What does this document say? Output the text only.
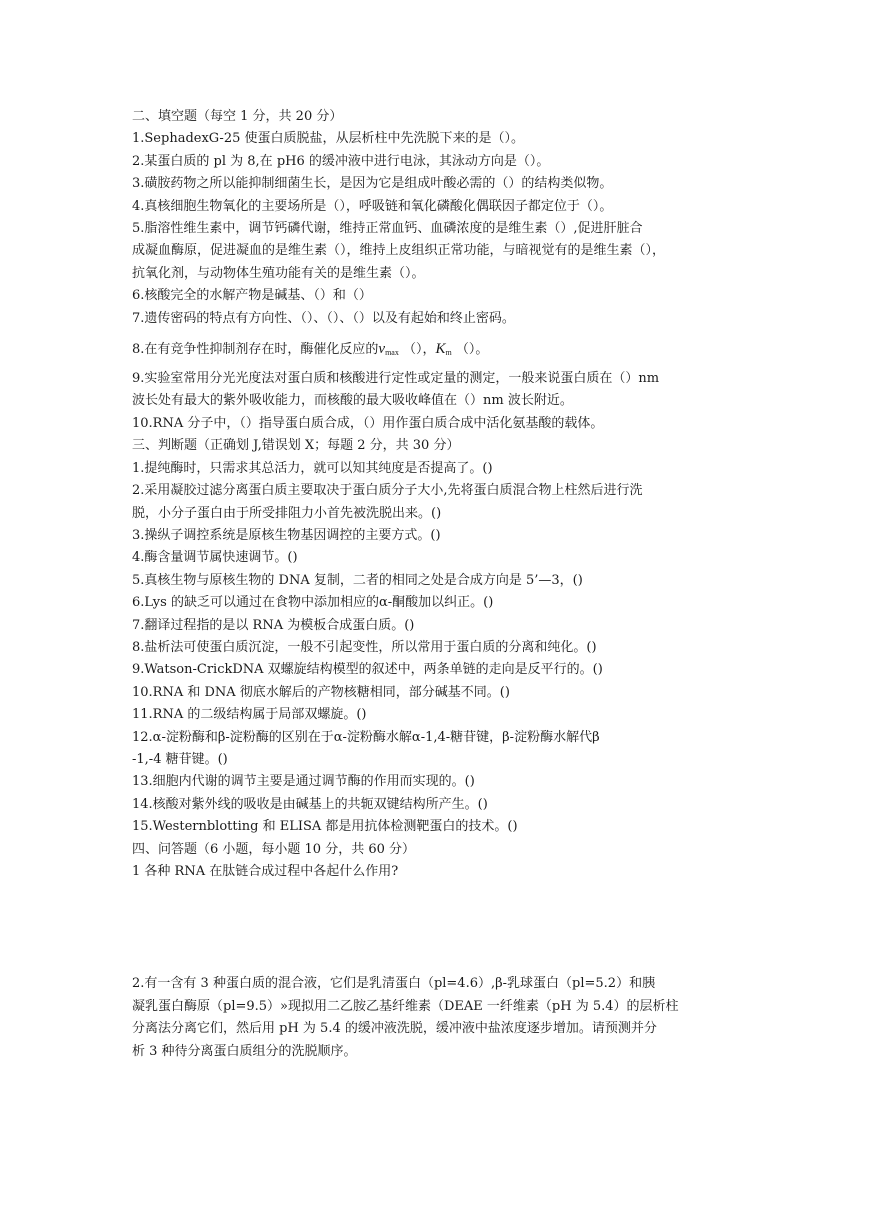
二、填空题（每空 1 分，共 20 分）
1.SephadexG-25 使蛋白质脱盐，从层析柱中先洗脱下来的是（）。
2.某蛋白质的 pl 为 8,在 pH6 的缓冲液中进行电泳，其泳动方向是（）。
3.磺胺药物之所以能抑制细菌生长，是因为它是组成叶酸必需的（）的结构类似物。
4.真核细胞生物氧化的主要场所是（），呼吸链和氧化磷酸化偶联因子都定位于（）。
5.脂溶性维生素中，调节钙磷代谢，维持正常血钙、血磷浓度的是维生素（）,促进肝脏合
成凝血酶原，促进凝血的是维生素（），维持上皮组织正常功能，与暗视觉有的是维生素（），
抗氧化剂，与动物体生殖功能有关的是维生素（）。
6.核酸完全的水解产物是碱基、（）和（）
7.遗传密码的特点有方向性、（）、（）、（）以及有起始和终止密码。
8.在有竞争性抑制剂存在时，酶催化反应的$v_{max}$ （），$K_m$ （）。
9.实验室常用分光光度法对蛋白质和核酸进行定性或定量的测定，一般来说蛋白质在（）nm
波长处有最大的紫外吸收能力，而核酸的最大吸收峰值在（）nm 波长附近。
10.RNA 分子中，（）指导蛋白质合成，（）用作蛋白质合成中活化氨基酸的载体。
三、判断题（正确划 J,错误划 X；每题 2 分，共 30 分）
1.提纯酶时，只需求其总活力，就可以知其纯度是否提高了。()
2.采用凝胶过滤分离蛋白质主要取决于蛋白质分子大小,先将蛋白质混合物上柱然后进行洗
脱，小分子蛋白由于所受排阻力小首先被洗脱出来。()
3.操纵子调控系统是原核生物基因调控的主要方式。()
4.酶含量调节属快速调节。()
5.真核生物与原核生物的 DNA 复制，二者的相同之处是合成方向是 5’—3，()
6.Lys 的缺乏可以通过在食物中添加相应的α-酮酸加以纠正。()
7.翻译过程指的是以 RNA 为模板合成蛋白质。()
8.盐析法可使蛋白质沉淀，一般不引起变性，所以常用于蛋白质的分离和纯化。()
9.Watson-CrickDNA 双螺旋结构模型的叙述中，两条单链的走向是反平行的。()
10.RNA 和 DNA 彻底水解后的产物核糖相同，部分碱基不同。()
11.RNA 的二级结构属于局部双螺旋。()
12.α-淀粉酶和β-淀粉酶的区别在于α-淀粉酶水解α-1,4-糖苷键，β-淀粉酶水解代β
-1,-4 糖苷键。()
13.细胞内代谢的调节主要是通过调节酶的作用而实现的。()
14.核酸对紫外线的吸收是由碱基上的共轭双键结构所产生。()
15.Westernblotting 和 ELISA 都是用抗体检测靶蛋白的技术。()
四、问答题（6 小题，每小题 10 分，共 60 分）
1 各种 RNA 在肽链合成过程中各起什么作用?
2.有一含有 3 种蛋白质的混合液，它们是乳清蛋白（pl=4.6）,β-乳球蛋白（pl=5.2）和胰
凝乳蛋白酶原（pl=9.5）»现拟用二乙胺乙基纤维素（DEAE 一纤维素（pH 为 5.4）的层析柱
分离法分离它们，然后用 pH 为 5.4 的缓冲液洗脱，缓冲液中盐浓度逐步增加。请预测并分
析 3 种待分离蛋白质组分的洗脱顺序。
